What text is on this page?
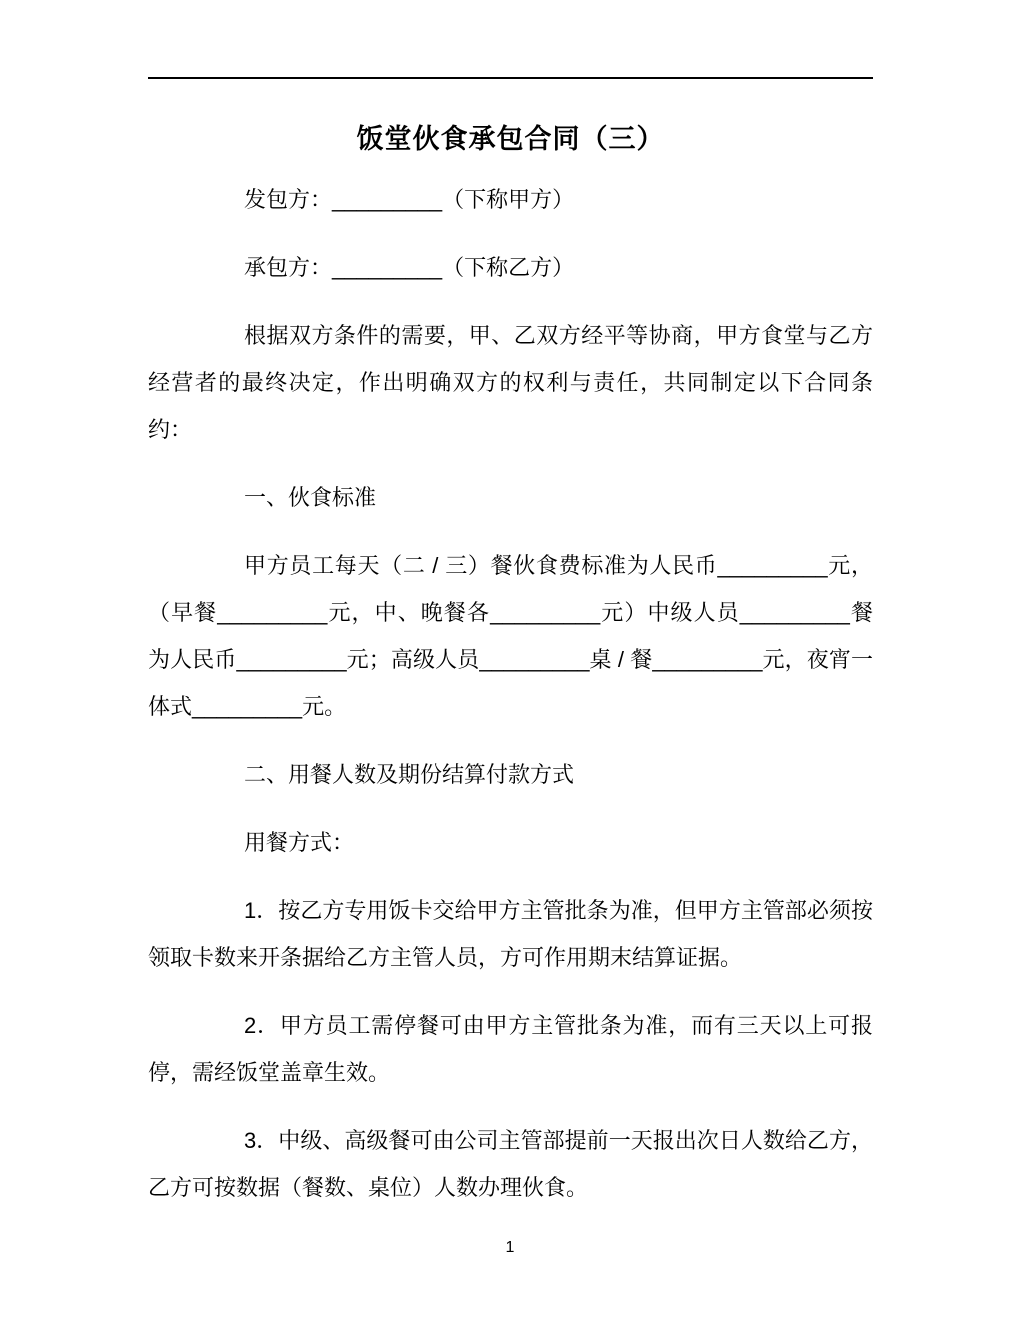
饭堂伙食承包合同（三）

发包方：_________（下称甲方）

承包方：_________（下称乙方）

根据双方条件的需要，甲、乙双方经平等协商，甲方食堂与乙方经营者的最终决定，作出明确双方的权利与责任，共同制定以下合同条约：

一、伙食标准

甲方员工每天（二 / 三）餐伙食费标准为人民币_________元，（早餐_________元，中、晚餐各_________元）中级人员_________餐为人民币_________元；高级人员_________桌 / 餐_________元，夜宵一体式_________元。

二、用餐人数及期份结算付款方式

用餐方式：

1．按乙方专用饭卡交给甲方主管批条为准，但甲方主管部必须按领取卡数来开条据给乙方主管人员，方可作用期末结算证据。

2．甲方员工需停餐可由甲方主管批条为准，而有三天以上可报停，需经饭堂盖章生效。

3．中级、高级餐可由公司主管部提前一天报出次日人数给乙方，乙方可按数据（餐数、桌位）人数办理伙食。

1
